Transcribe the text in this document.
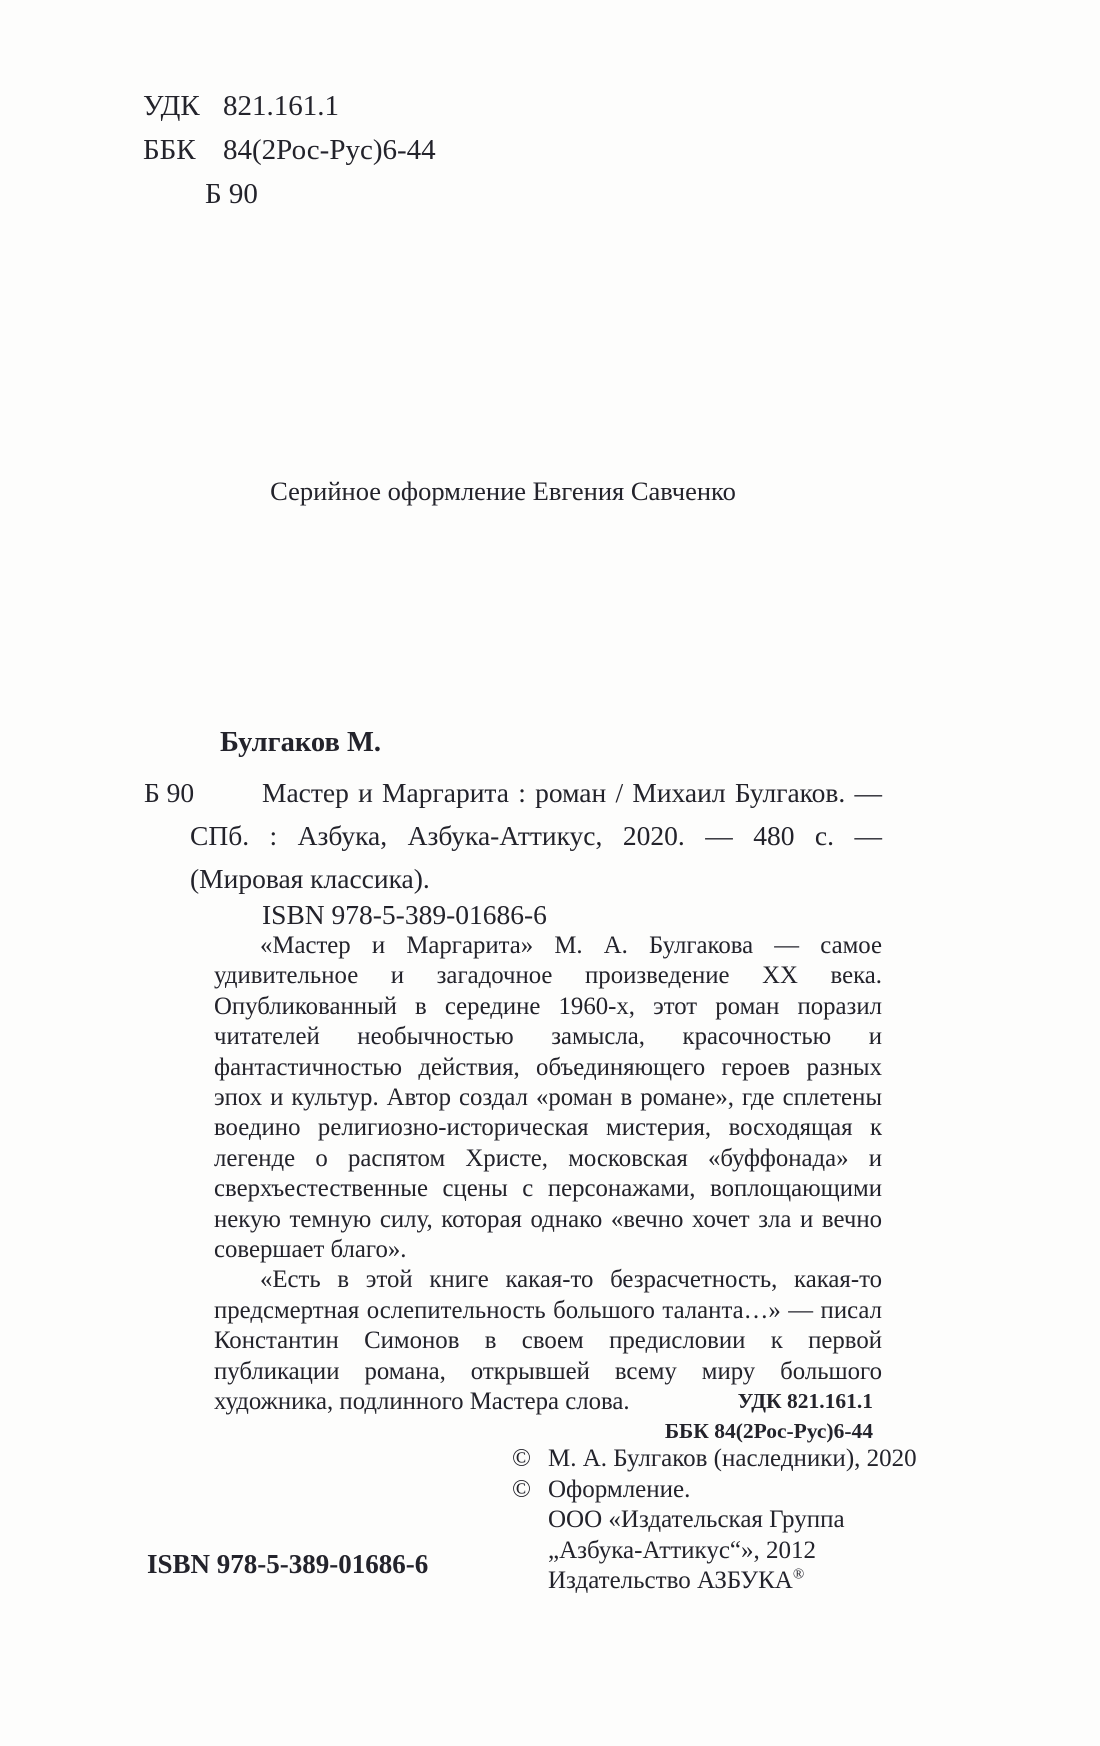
УДК 821.161.1
ББК 84(2Рос-Рус)6-44
Б 90
Серийное оформление Евгения Савченко
Булгаков М.
Б 90 Мастер и Маргарита : роман / Михаил Булгаков. — СПб. : Азбука, Азбука-Аттикус, 2020. — 480 с. — (Мировая классика).
ISBN 978-5-389-01686-6

«Мастер и Маргарита» М. А. Булгакова — самое удивительное и загадочное произведение XX века. Опубликованный в середине 1960-х, этот роман поразил читателей необычностью замысла, красочностью и фантастичностью действия, объединяющего героев разных эпох и культур. Автор создал «роман в романе», где сплетены воедино религиозно-историческая мистерия, восходящая к легенде о распятом Христе, московская «буффонада» и сверхъестественные сцены с персонажами, воплощающими некую темную силу, которая однако «вечно хочет зла и вечно совершает благо».

«Есть в этой книге какая-то безрасчетность, какая-то предсмертная ослепительность большого таланта…» — писал Константин Симонов в своем предисловии к первой публикации романа, открывшей всему миру большого художника, подлинного Мастера слова.	УДК 821.161.1
ББК 84(2Рос-Рус)6-44
© М. А. Булгаков (наследники), 2020
© Оформление.
ООО «Издательская Группа
„Азбука-Аттикус“», 2012
Издательство АЗБУКА®
ISBN 978-5-389-01686-6
